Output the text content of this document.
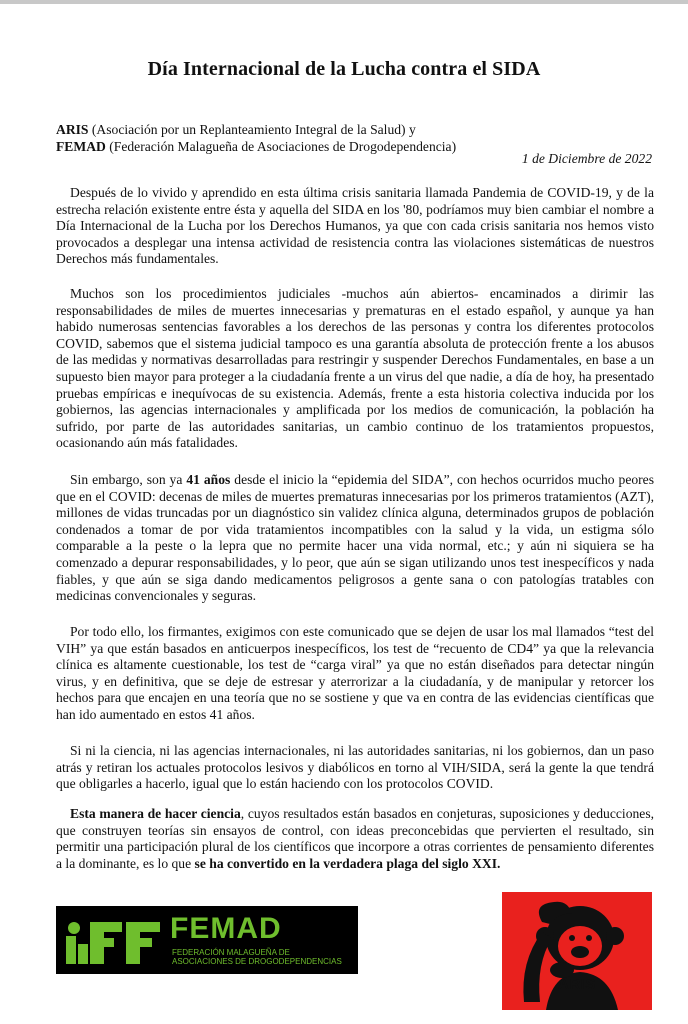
Día Internacional de la Lucha contra el SIDA
ARIS (Asociación por un Replanteamiento Integral de la Salud) y
FEMAD (Federación Malagueña de Asociaciones de Drogodependencia)
1 de Diciembre de 2022

Después de lo vivido y aprendido en esta última crisis sanitaria llamada Pandemia de COVID-19, y de la estrecha relación existente entre ésta y aquella del SIDA en los '80, podríamos muy bien cambiar el nombre a Día Internacional de la Lucha por los Derechos Humanos, ya que con cada crisis sanitaria nos hemos visto provocados a desplegar una intensa actividad de resistencia contra las violaciones sistemáticas de nuestros Derechos más fundamentales.

Muchos son los procedimientos judiciales -muchos aún abiertos- encaminados a dirimir las responsabilidades de miles de muertes innecesarias y prematuras en el estado español, y aunque ya han habido numerosas sentencias favorables a los derechos de las personas y contra los diferentes protocolos COVID, sabemos que el sistema judicial tampoco es una garantía absoluta de protección frente a los abusos de las medidas y normativas desarrolladas para restringir y suspender Derechos Fundamentales, en base a un supuesto bien mayor para proteger a la ciudadanía frente a un virus del que nadie, a día de hoy, ha presentado pruebas empíricas e inequívocas de su existencia. Además, frente a esta historia colectiva inducida por los gobiernos, las agencias internacionales y amplificada por los medios de comunicación, la población ha sufrido, por parte de las autoridades sanitarias, un cambio continuo de los tratamientos propuestos, ocasionando aún más fatalidades.

Sin embargo, son ya 41 años desde el inicio la “epidemia del SIDA”, con hechos ocurridos mucho peores que en el COVID: decenas de miles de muertes prematuras innecesarias por los primeros tratamientos (AZT), millones de vidas truncadas por un diagnóstico sin validez clínica alguna, determinados grupos de población condenados a tomar de por vida tratamientos incompatibles con la salud y la vida, un estigma sólo comparable a la peste o la lepra que no permite hacer una vida normal, etc.; y aún ni siquiera se ha comenzado a depurar responsabilidades, y lo peor, que aún se sigan utilizando unos test inespecíficos y nada fiables, y que aún se siga dando medicamentos peligrosos a gente sana o con patologías tratables con medicinas convencionales y seguras.

Por todo ello, los firmantes, exigimos con este comunicado que se dejen de usar los mal llamados “test del VIH” ya que están basados en anticuerpos inespecíficos, los test de “recuento de CD4” ya que la relevancia clínica es altamente cuestionable, los test de “carga viral” ya que no están diseñados para detectar ningún virus, y en definitiva, que se deje de estresar y aterrorizar a la ciudadanía, y de manipular y retorcer los hechos para que encajen en una teoría que no se sostiene y que va en contra de las evidencias científicas que han ido aumentado en estos 41 años.

Si ni la ciencia, ni las agencias internacionales, ni las autoridades sanitarias, ni los gobiernos, dan un paso atrás y retiran los actuales protocolos lesivos y diabólicos en torno al VIH/SIDA, será la gente la que tendrá que obligarles a hacerlo, igual que lo están haciendo con los protocolos COVID.

Esta manera de hacer ciencia, cuyos resultados están basados en conjeturas, suposiciones y deducciones, que construyen teorías sin ensayos de control, con ideas preconcebidas que pervierten el resultado, sin permitir una participación plural de los científicos que incorpore a otras corrientes de pensamiento diferentes a la dominante, es lo que se ha convertido en la verdadera plaga del siglo XXI.

FEMAD
FEDERACIÓN MALAGUEÑA DE ASOCIACIONES DE DROGODEPENDENCIAS
ARIS
